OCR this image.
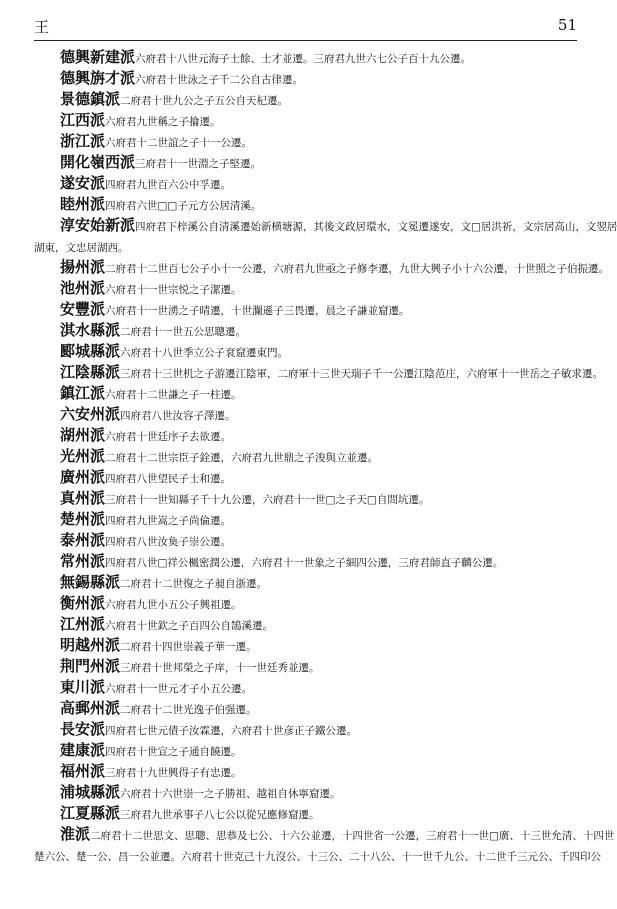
王	51

德興新建派六府君十八世元海子士餘、士才並遷。三府君九世六七公子百十九公遷。

德興旃才派六府君十世泳之子千二公自古律遷。

景德鎮派二府君十世九公之子五公自天杞遷。

江西派六府君九世稱之子掄遷。

浙江派六府君十二世誼之子十一公遷。

開化嶺西派三府君十一世淵之子堅遷。

遂安派四府君九世百六公中孚遷。

睦州派四府君六世□□子元方公居清溪。

淳安始新派四府君下梓溪公自清溪遷始新横塘源，其後文政居環水，文冕遷遂安，文□居洪祈，文宗居高山，文翌居

湖東，文忠居湖西。

揚州派二府君十二世百七公子小十一公遷，六府君九世亟之子修李遷，九世大興子小十六公遷，十世照之子伯振遷。

池州派六府君十一世宗悦之子潔遷。

安豐派六府君十一世湧之子晴遷，十世瀾遜子三畏遷，晨之子謙並窟遷。

淇水縣派二府君十一世五公思聰遷。

郾城縣派六府君十八世季立公子袞窟遷東門。

江陰縣派三府君十三世机之子游遷江陰軍，二府軍十三世天瑞子千一公遷江陰范庄，六府軍十一世岳之子敏求遷。

鎮江派六府君十二世謙之子一柱遷。

六安州派四府君八世汝容子澤遷。

湖州派六府君十世廷序子去欲遷。

光州派二府君十二世宗臣子銓遷，六府君九世鼎之子浚與立並遷。

廣州派四府君八世望民子士和遷。

真州派三府君十一世知縣子千十九公遷，六府君十一世□之子天□自問坑遷。

楚州派四府君九世嵩之子尚倫遷。

泰州派四府君八世汝奐子崇公遷。

常州派四府君八世□祥公楓密潤公遷，六府君十一世象之子細四公遷，三府君師直子麟公遷。

無錫縣派二府君十二世復之子昶自浙遷。

衡州派六府君九世小五公子興祖遷。

江州派六府君十世欽之子百四公自鵠溪遷。

明越州派二府君十四世崇義子華一遷。

荆門州派三府君十世邦榮之子庠，十一世廷秀並遷。

東川派六府君十一世元才子小五公遷。

高郵州派二府君十二世光逸子伯强遷。

長安派四府君七世元債子汝霖遷，六府君十世彦正子鐵公遷。

建康派四府君十世宣之子通自饒遷。

福州派三府君十九世興得子有忠遷。

浦城縣派六府君十六世崇一之子勝祖、越祖自休寧窟遷。

江夏縣派三府君九世承事子八七公以從兄應修窟遷。

淮派二府君十二世思文、思聰、思恭及七公、十六公並遷，十四世省一公遷，三府君十一世□廣、十三世允清、十四世

楚六公、楚一公、昌一公並遷。六府君十世克己十九沒公、十三公、二十八公、十一世千九公、十二世千三元公、千四印公
